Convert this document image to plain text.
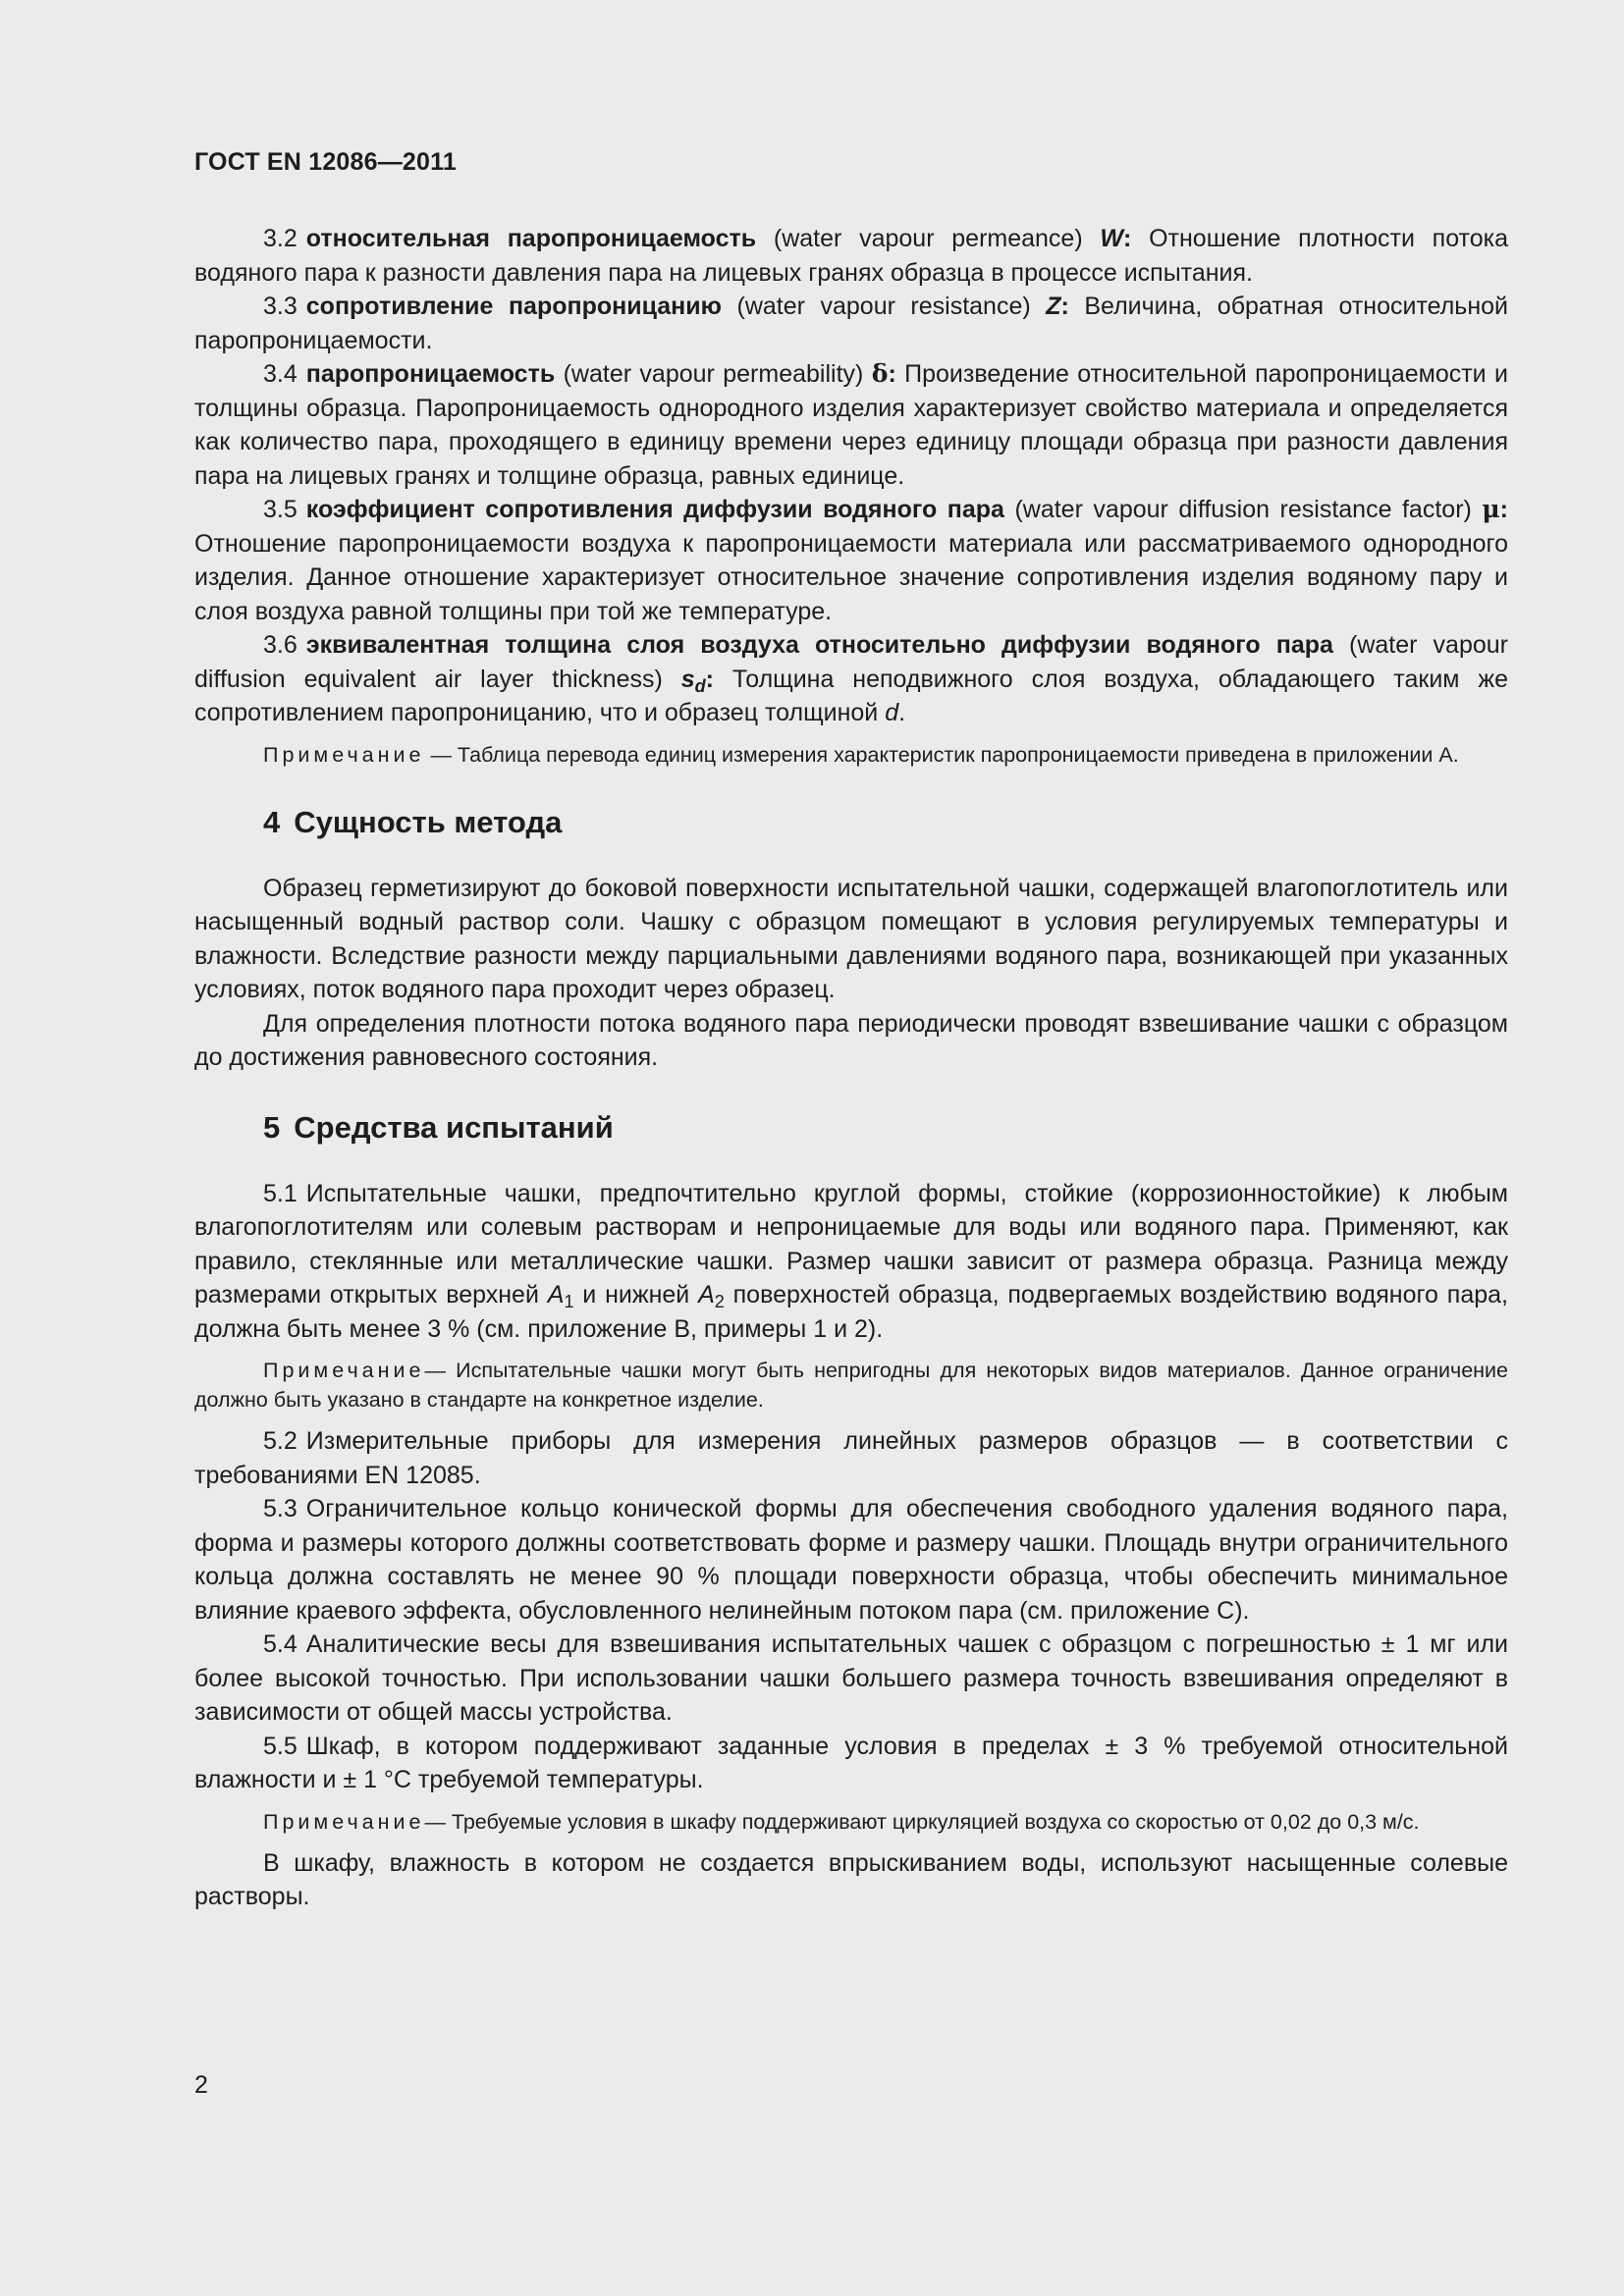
ГОСТ EN 12086—2011

3.2 относительная паропроницаемость (water vapour permeance) W: Отношение плотности потока водяного пара к разности давления пара на лицевых гранях образца в процессе испытания.

3.3 сопротивление паропроницанию (water vapour resistance) Z: Величина, обратная относительной паропроницаемости.

3.4 паропроницаемость (water vapour permeability) δ: Произведение относительной паропроницаемости и толщины образца. Паропроницаемость однородного изделия характеризует свойство материала и определяется как количество пара, проходящего в единицу времени через единицу площади образца при разности давления пара на лицевых гранях и толщине образца, равных единице.

3.5 коэффициент сопротивления диффузии водяного пара (water vapour diffusion resistance factor) μ: Отношение паропроницаемости воздуха к паропроницаемости материала или рассматриваемого однородного изделия. Данное отношение характеризует относительное значение сопротивления изделия водяному пару и слоя воздуха равной толщины при той же температуре.

3.6 эквивалентная толщина слоя воздуха относительно диффузии водяного пара (water vapour diffusion equivalent air layer thickness) $s_d$: Толщина неподвижного слоя воздуха, обладающего таким же сопротивлением паропроницанию, что и образец толщиной d.

Примечание — Таблица перевода единиц измерения характеристик паропроницаемости приведена в приложении А.

4 Сущность метода

Образец герметизируют до боковой поверхности испытательной чашки, содержащей влагопоглотитель или насыщенный водный раствор соли. Чашку с образцом помещают в условия регулируемых температуры и влажности. Вследствие разности между парциальными давлениями водяного пара, возникающей при указанных условиях, поток водяного пара проходит через образец.

Для определения плотности потока водяного пара периодически проводят взвешивание чашки с образцом до достижения равновесного состояния.

5 Средства испытаний

5.1 Испытательные чашки, предпочтительно круглой формы, стойкие (коррозионностойкие) к любым влагопоглотителям или солевым растворам и непроницаемые для воды или водяного пара. Применяют, как правило, стеклянные или металлические чашки. Размер чашки зависит от размера образца. Разница между размерами открытых верхней $A_1$ и нижней $A_2$ поверхностей образца, подвергаемых воздействию водяного пара, должна быть менее 3 % (см. приложение В, примеры 1 и 2).

Примечание— Испытательные чашки могут быть непригодны для некоторых видов материалов. Данное ограничение должно быть указано в стандарте на конкретное изделие.

5.2 Измерительные приборы для измерения линейных размеров образцов — в соответствии с требованиями EN 12085.

5.3 Ограничительное кольцо конической формы для обеспечения свободного удаления водяного пара, форма и размеры которого должны соответствовать форме и размеру чашки. Площадь внутри ограничительного кольца должна составлять не менее 90 % площади поверхности образца, чтобы обеспечить минимальное влияние краевого эффекта, обусловленного нелинейным потоком пара (см. приложение С).

5.4 Аналитические весы для взвешивания испытательных чашек с образцом с погрешностью ± 1 мг или более высокой точностью. При использовании чашки большего размера точность взвешивания определяют в зависимости от общей массы устройства.

5.5 Шкаф, в котором поддерживают заданные условия в пределах ± 3 % требуемой относительной влажности и ± 1 °С требуемой температуры.

Примечание— Требуемые условия в шкафу поддерживают циркуляцией воздуха со скоростью от 0,02 до 0,3 м/с.

В шкафу, влажность в котором не создается впрыскиванием воды, используют насыщенные солевые растворы.

2
